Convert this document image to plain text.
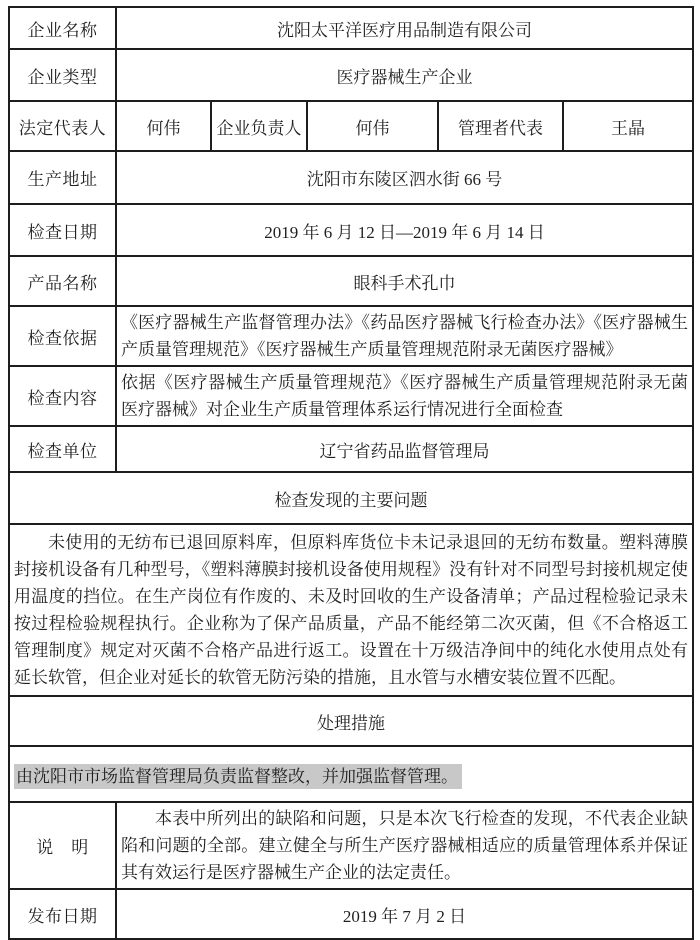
企业名称	沈阳太平洋医疗用品制造有限公司				
企业类型	医疗器械生产企业				
法定代表人	何伟	企业负责人	何伟	管理者代表	王晶
生产地址	沈阳市东陵区泗水街 66 号				
检查日期	2019 年 6 月 12 日—2019 年 6 月 14 日				
产品名称	眼科手术孔巾				
检查依据	《医疗器械生产监督管理办法》《药品医疗器械飞行检查办法》《医疗器械生产质量管理规范》《医疗器械生产质量管理规范附录无菌医疗器械》				

检查内容	依据《医疗器械生产质量管理规范》《医疗器械生产质量管理规范附录无菌医疗器械》对企业生产质量管理体系运行情况进行全面检查				

检查单位	辽宁省药品监督管理局				
检查发现的主要问题					

未使用的无纺布已退回原料库，但原料库货位卡未记录退回的无纺布数量。塑料薄膜封接机设备有几种型号，《塑料薄膜封接机设备使用规程》没有针对不同型号封接机规定使用温度的挡位。在生产岗位有作废的、未及时回收的生产设备清单；产品过程检验记录未按过程检验规程执行。企业称为了保产品质量，产品不能经第二次灭菌，但《不合格返工管理制度》规定对灭菌不合格产品进行返工。设置在十万级洁净间中的纯化水使用点处有延长软管，但企业对延长的软管无防污染的措施，且水管与水槽安装位置不匹配。					

处理措施					
由沈阳市市场监督管理局负责监督整改，并加强监督管理。					
说　明	本表中所列出的缺陷和问题，只是本次飞行检查的发现，不代表企业缺陷和问题的全部。建立健全与所生产医疗器械相适应的质量管理体系并保证其有效运行是医疗器械生产企业的法定责任。				

发布日期	2019 年 7 月 2 日				
